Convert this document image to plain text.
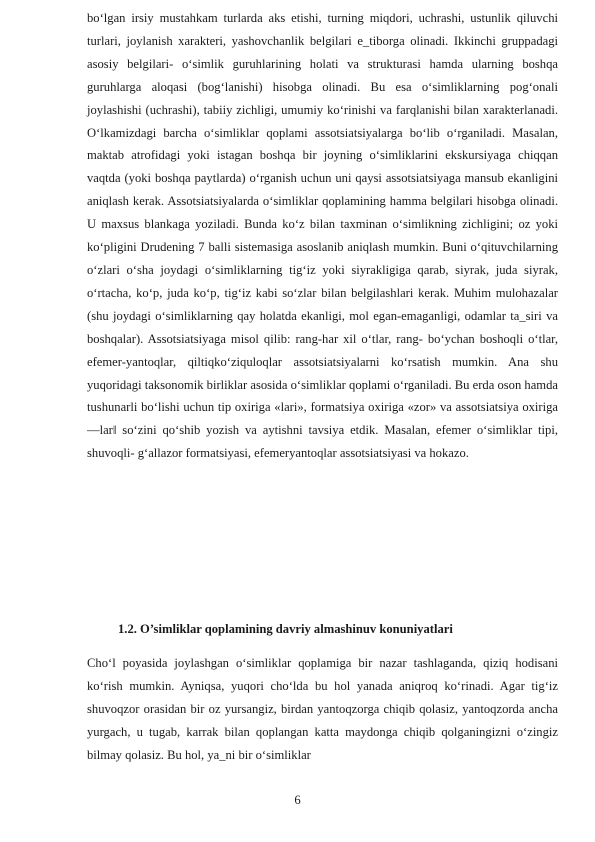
bo‘lgan irsiy mustahkam turlarda aks etishi, turning miqdori, uchrashi, ustunlik qiluvchi turlari, joylanish xarakteri, yashovchanlik belgilari e_tiborga olinadi. Ikkinchi gruppadagi asosiy belgilari- o‘simlik guruhlarining holati va strukturasi hamda ularning boshqa guruhlarga aloqasi (bog‘lanishi) hisobga olinadi. Bu esa o‘simliklarning pog‘onali joylashishi (uchrashi), tabiiy zichligi, umumiy ko‘rinishi va farqlanishi bilan xarakterlanadi. O‘lkamizdagi barcha o‘simliklar qoplami assotsiatsiyalarga bo‘lib o‘rganiladi. Masalan, maktab atrofidagi yoki istagan boshqa bir joyning o‘simliklarini ekskursiyaga chiqqan vaqtda (yoki boshqa paytlarda) o‘rganish uchun uni qaysi assotsiatsiyaga mansub ekanligini aniqlash kerak. Assotsiatsiyalarda o‘simliklar qoplamining hamma belgilari hisobga olinadi. U maxsus blankaga yoziladi. Bunda ko‘z bilan taxminan o‘simlikning zichligini; oz yoki ko‘pligini Drudening 7 balli sistemasiga asoslanib aniqlash mumkin. Buni o‘qituvchilarning o‘zlari o‘sha joydagi o‘simliklarning tig‘iz yoki siyrakligiga qarab, siyrak, juda siyrak, o‘rtacha, ko‘p, juda ko‘p, tig‘iz kabi so‘zlar bilan belgilashlari kerak. Muhim mulohazalar (shu joydagi o‘simliklarning qay holatda ekanligi, mol egan-emaganligi, odamlar ta_siri va boshqalar). Assotsiatsiyaga misol qilib: rang-har xil o‘tlar, rang- bo‘ychan boshoqli o‘tlar, efemer-yantoqlar, qiltiqko‘ziquloqlar assotsiatsiyalarni ko‘rsatish mumkin. Ana shu yuqoridagi taksonomik birliklar asosida o‘simliklar qoplami o‘rganiladi. Bu erda oson hamda tushunarli bo‘lishi uchun tip oxiriga «lari», formatsiya oxiriga «zor» va assotsiatsiya oxiriga ―lar‖ so‘zini qo‘shib yozish va aytishni tavsiya etdik. Masalan, efemer o‘simliklar tipi, shuvoqli- g‘allazor formatsiyasi, efemeryantoqlar assotsiatsiyasi va hokazo.

1.2. O’simliklar qoplamining davriy almashinuv konuniyatlari

Cho‘l poyasida joylashgan o‘simliklar qoplamiga bir nazar tashlaganda, qiziq hodisani ko‘rish mumkin. Ayniqsa, yuqori cho‘lda bu hol yanada aniqroq ko‘rinadi. Agar tig‘iz shuvoqzor orasidan bir oz yursangiz, birdan yantoqzorga chiqib qolasiz, yantoqzorda ancha yurgach, u tugab, karrak bilan qoplangan katta maydonga chiqib qolganingizni o‘zingiz bilmay qolasiz. Bu hol, ya_ni bir o‘simliklar

6
